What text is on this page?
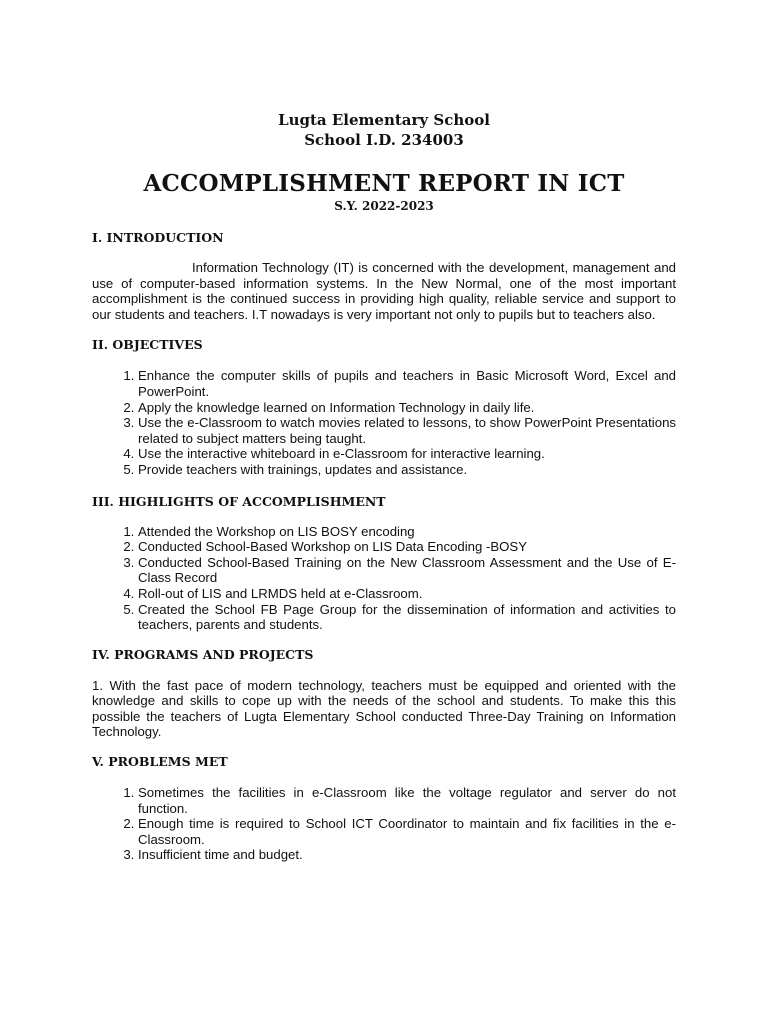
Lugta Elementary School

School I.D. 234003

ACCOMPLISHMENT REPORT IN ICT

S.Y. 2022-2023

I. INTRODUCTION

Information Technology (IT) is concerned with the development, management and use of computer-based information systems. In the New Normal, one of the most important accomplishment is the continued success in providing high quality, reliable service and support to our students and teachers. I.T nowadays is very important not only to pupils but to teachers also.

II. OBJECTIVES

1. Enhance the computer skills of pupils and teachers in Basic Microsoft Word, Excel and PowerPoint.
2. Apply the knowledge learned on Information Technology in daily life.
3. Use the e-Classroom to watch movies related to lessons, to show PowerPoint Presentations related to subject matters being taught.
4. Use the interactive whiteboard in e-Classroom for interactive learning.
5. Provide teachers with trainings, updates and assistance.

III. HIGHLIGHTS OF ACCOMPLISHMENT

1. Attended the Workshop on LIS BOSY encoding
2. Conducted School-Based Workshop on LIS Data Encoding -BOSY
3. Conducted School-Based Training on the New Classroom Assessment and the Use of E-Class Record
4. Roll-out of LIS and LRMDS held at e-Classroom.
5. Created the School FB Page Group for the dissemination of information and activities to teachers, parents and students.

IV. PROGRAMS AND PROJECTS

1. With the fast pace of modern technology, teachers must be equipped and oriented with the knowledge and skills to cope up with the needs of the school and students. To make this this possible the teachers of Lugta Elementary School conducted Three-Day Training on Information Technology.

V. PROBLEMS MET

1. Sometimes the facilities in e-Classroom like the voltage regulator and server do not function.
2. Enough time is required to School ICT Coordinator to maintain and fix facilities in the e-Classroom.
3. Insufficient time and budget.
